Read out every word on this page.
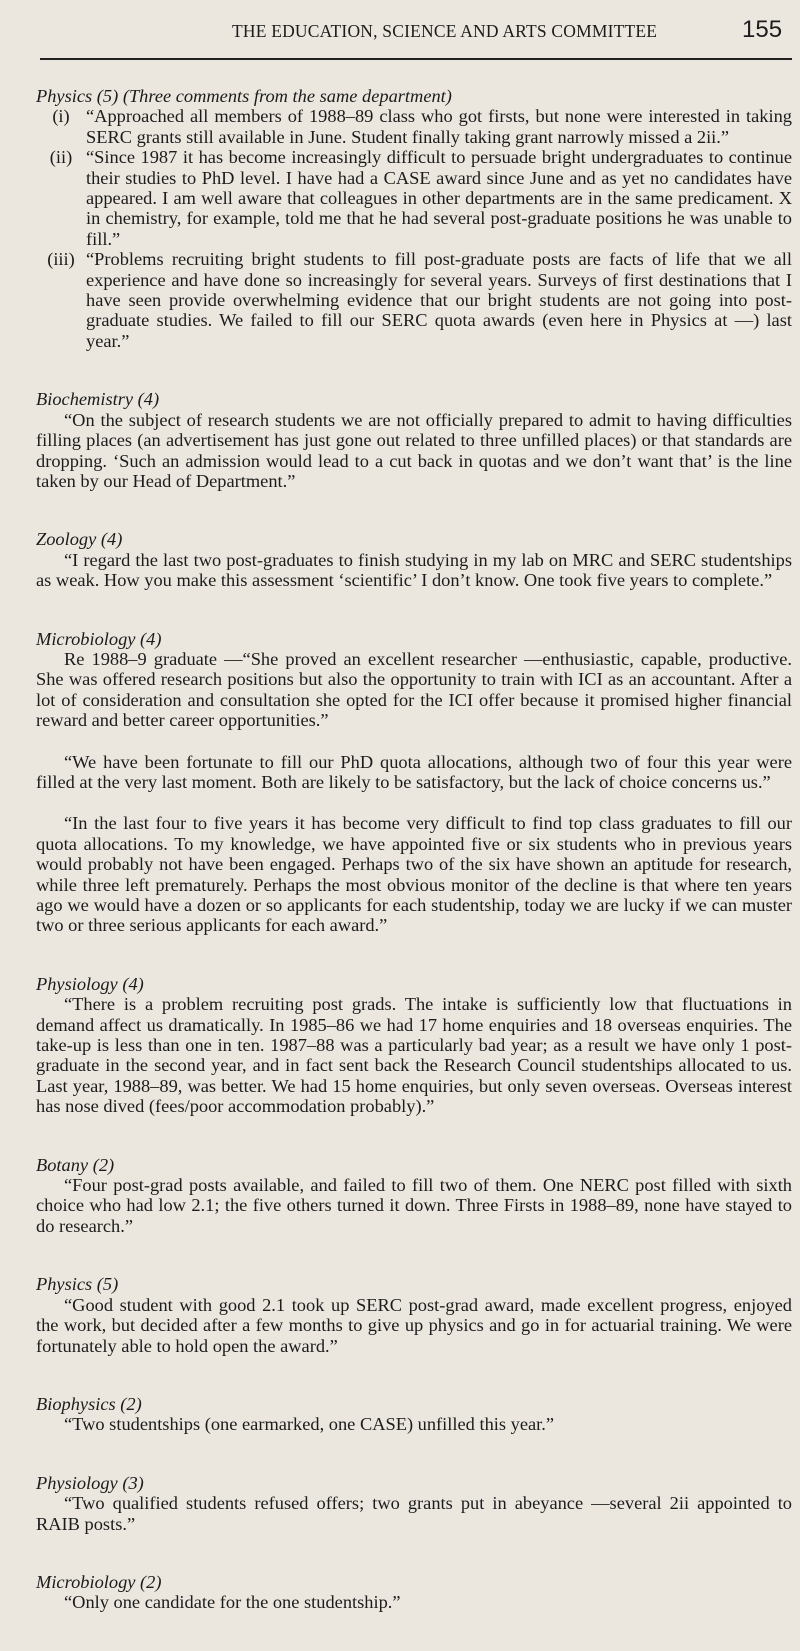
THE EDUCATION, SCIENCE AND ARTS COMMITTEE	155

Physics (5) (Three comments from the same department)

(i) “Approached all members of 1988–89 class who got firsts, but none were interested in taking SERC grants still available in June. Student finally taking grant narrowly missed a 2ii.”
(ii) “Since 1987 it has become increasingly difficult to persuade bright undergraduates to continue their studies to PhD level. I have had a CASE award since June and as yet no candidates have appeared. I am well aware that colleagues in other departments are in the same predicament. X in chemistry, for example, told me that he had several post-graduate positions he was unable to fill.”
(iii) “Problems recruiting bright students to fill post-graduate posts are facts of life that we all experience and have done so increasingly for several years. Surveys of first destinations that I have seen provide overwhelming evidence that our bright students are not going into post-graduate studies. We failed to fill our SERC quota awards (even here in Physics at —) last year.”

Biochemistry (4)

“On the subject of research students we are not officially prepared to admit to having difficulties filling places (an advertisement has just gone out related to three unfilled places) or that standards are dropping. ‘Such an admission would lead to a cut back in quotas and we don’t want that’ is the line taken by our Head of Department.”

Zoology (4)

“I regard the last two post-graduates to finish studying in my lab on MRC and SERC studentships as weak. How you make this assessment ‘scientific’ I don’t know. One took five years to complete.”

Microbiology (4)

Re 1988–9 graduate —“She proved an excellent researcher —enthusiastic, capable, productive. She was offered research positions but also the opportunity to train with ICI as an accountant. After a lot of consideration and consultation she opted for the ICI offer because it promised higher financial reward and better career opportunities.”

“We have been fortunate to fill our PhD quota allocations, although two of four this year were filled at the very last moment. Both are likely to be satisfactory, but the lack of choice concerns us.”

“In the last four to five years it has become very difficult to find top class graduates to fill our quota allocations. To my knowledge, we have appointed five or six students who in previous years would probably not have been engaged. Perhaps two of the six have shown an aptitude for research, while three left prematurely. Perhaps the most obvious monitor of the decline is that where ten years ago we would have a dozen or so applicants for each studentship, today we are lucky if we can muster two or three serious applicants for each award.”

Physiology (4)

“There is a problem recruiting post grads. The intake is sufficiently low that fluctuations in demand affect us dramatically. In 1985–86 we had 17 home enquiries and 18 overseas enquiries. The take-up is less than one in ten. 1987–88 was a particularly bad year; as a result we have only 1 post-graduate in the second year, and in fact sent back the Research Council studentships allocated to us. Last year, 1988–89, was better. We had 15 home enquiries, but only seven overseas. Overseas interest has nose dived (fees/poor accommodation probably).”

Botany (2)

“Four post-grad posts available, and failed to fill two of them. One NERC post filled with sixth choice who had low 2.1; the five others turned it down. Three Firsts in 1988–89, none have stayed to do research.”

Physics (5)

“Good student with good 2.1 took up SERC post-grad award, made excellent progress, enjoyed the work, but decided after a few months to give up physics and go in for actuarial training. We were fortunately able to hold open the award.”

Biophysics (2)

“Two studentships (one earmarked, one CASE) unfilled this year.”

Physiology (3)

“Two qualified students refused offers; two grants put in abeyance —several 2ii appointed to RAIB posts.”

Microbiology (2)

“Only one candidate for the one studentship.”
